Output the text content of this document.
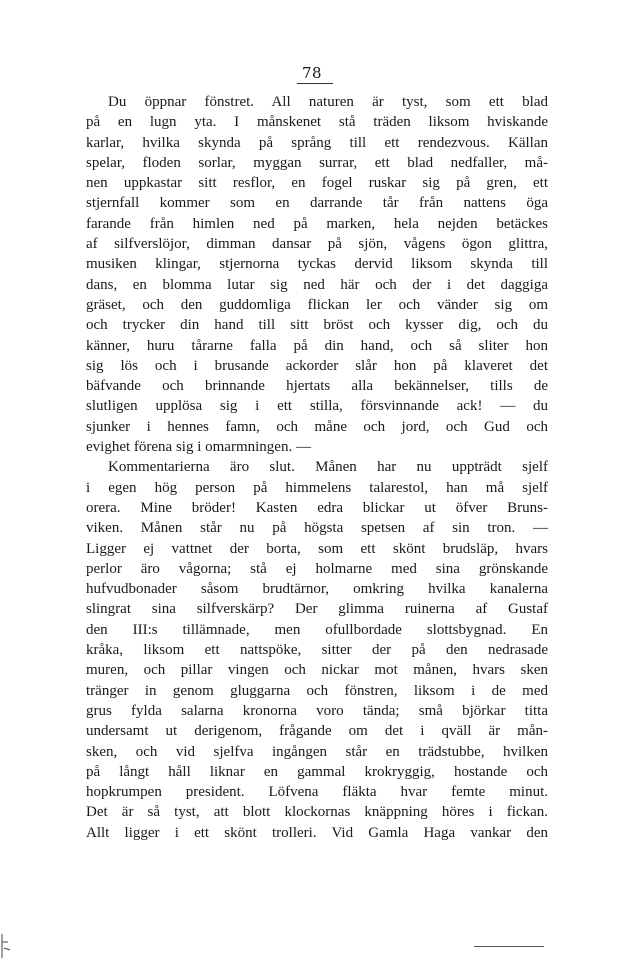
78
Du öppnar fönstret. All naturen är tyst, som ett blad
på en lugn yta. I månskenet stå träden liksom hviskande
karlar, hvilka skynda på språng till ett rendezvous. Källan
spelar, floden sorlar, myggan surrar, ett blad nedfaller, må-
nen uppkastar sitt resflor, en fogel ruskar sig på gren, ett
stjernfall kommer som en darrande tår från nattens öga
farande från himlen ned på marken, hela nejden betäckes
af silfverslöjor, dimman dansar på sjön, vågens ögon glittra,
musiken klingar, stjernorna tyckas dervid liksom skynda till
dans, en blomma lutar sig ned här och der i det daggiga
gräset, och den guddomliga flickan ler och vänder sig om
och trycker din hand till sitt bröst och kysser dig, och du
känner, huru tårarne falla på din hand, och så sliter hon
sig lös och i brusande ackorder slår hon på klaveret det
bäfvande och brinnande hjertats alla bekännelser, tills de
slutligen upplösa sig i ett stilla, försvinnande ack! — du
sjunker i hennes famn, och måne och jord, och Gud och
evighet förena sig i omarmningen. —
Kommentarierna äro slut. Månen har nu uppträdt sjelf
i egen hög person på himmelens talarestol, han må sjelf
orera. Mine bröder! Kasten edra blickar ut öfver Bruns-
viken. Månen står nu på högsta spetsen af sin tron. —
Ligger ej vattnet der borta, som ett skönt brudsläp, hvars
perlor äro vågorna; stå ej holmarne med sina grönskande
hufvudbonader såsom brudtärnor, omkring hvilka kanalerna
slingrat sina silfverskärp? Der glimma ruinerna af Gustaf
den III:s tillämnade, men ofullbordade slottsbygnad. En
kråka, liksom ett nattspöke, sitter der på den nedrasade
muren, och pillar vingen och nickar mot månen, hvars sken
tränger in genom gluggarna och fönstren, liksom i de med
grus fylda salarna kronorna voro tända; små björkar titta
undersamt ut derigenom, frågande om det i qväll är mån-
sken, och vid sjelfva ingången står en trädstubbe, hvilken
på långt håll liknar en gammal krokryggig, hostande och
hopkrumpen president. Löfvena fläkta hvar femte minut.
Det är så tyst, att blott klockornas knäppning höres i fickan.
Allt ligger i ett skönt trolleri. Vid Gamla Haga vankar den
